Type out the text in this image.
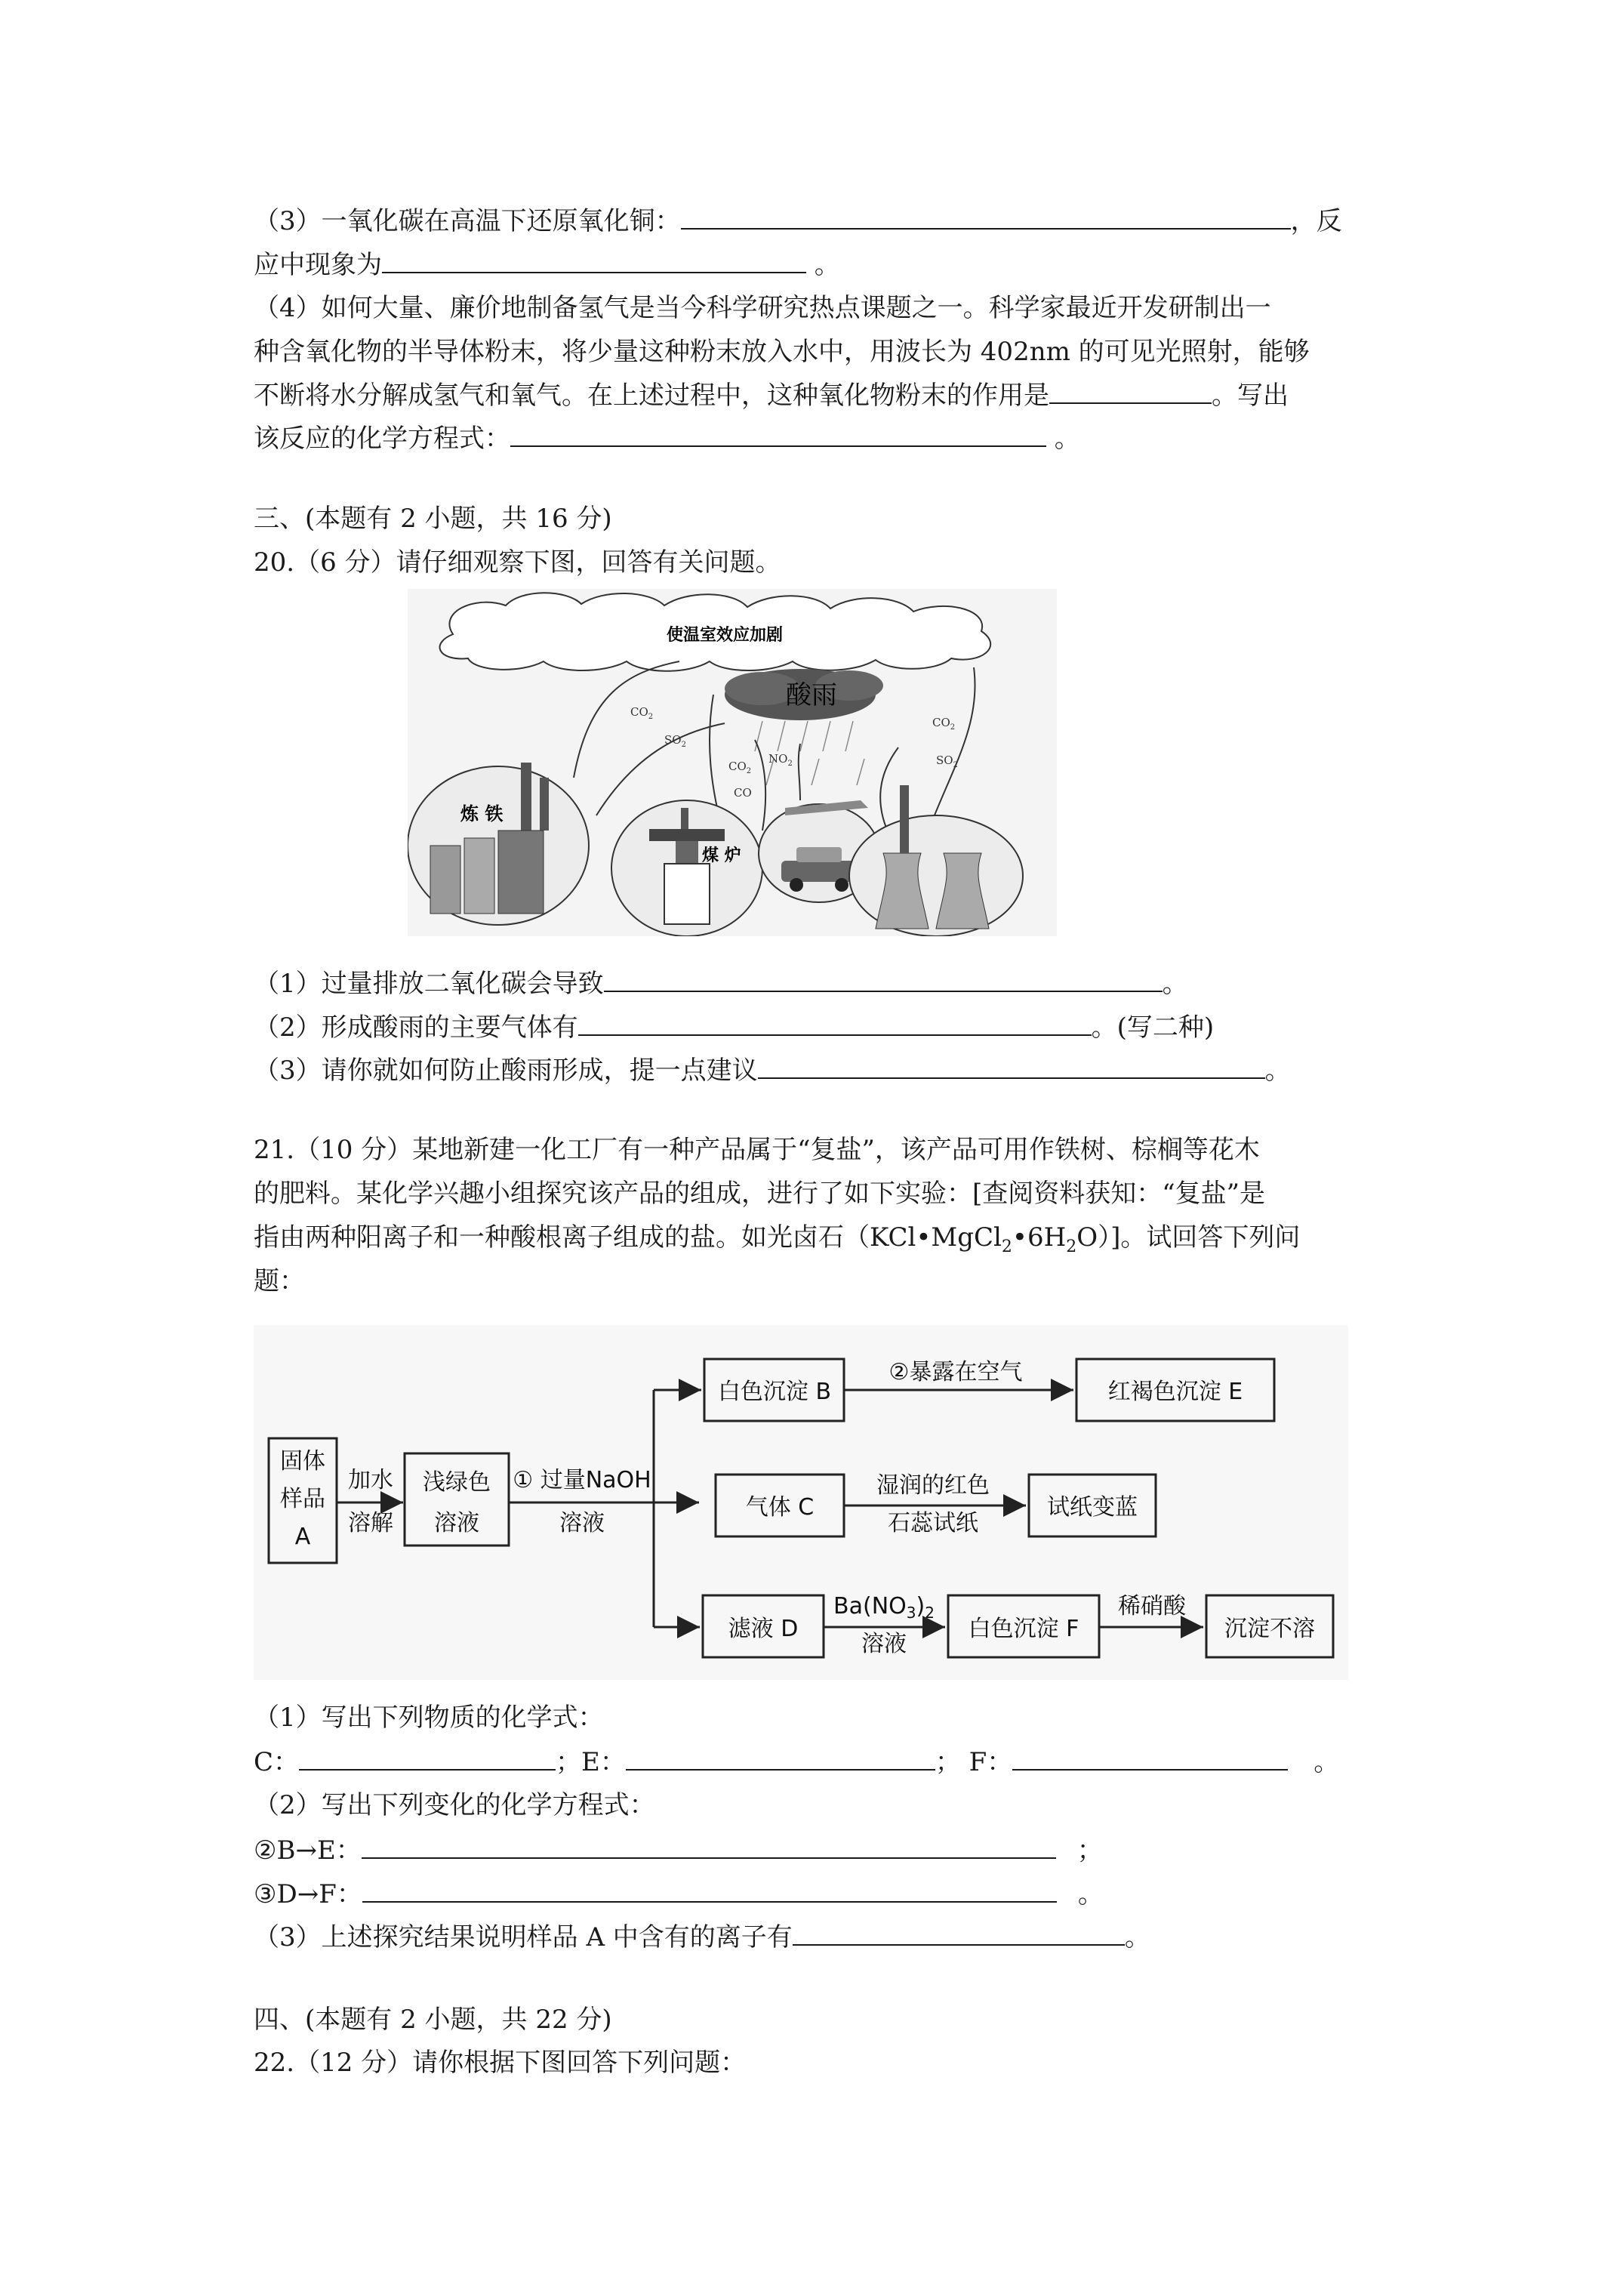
（3）一氧化碳在高温下还原氧化铜：	，反
应中现象为	。
（4）如何大量、廉价地制备氢气是当今科学研究热点课题之一。科学家最近开发研制出一
种含氧化物的半导体粉末，将少量这种粉末放入水中，用波长为 402nm 的可见光照射，能够
不断将水分解成氢气和氧气。在上述过程中，这种氧化物粉末的作用是	。写出
该反应的化学方程式：	。
三、(本题有 2 小题，共 16 分)
20.（6 分）请仔细观察下图，回答有关问题。
使温室效应加剧
酸雨
$CO_2$
$SO_2$
$NO_2$
$CO_2$
CO
$CO_2$
$SO_2$
炼 铁
煤 炉
（1）过量排放二氧化碳会导致	。
（2）形成酸雨的主要气体有	。(写二种)
（3）请你就如何防止酸雨形成，提一点建议	。
21.（10 分）某地新建一化工厂有一种产品属于“复盐”，该产品可用作铁树、棕榈等花木
的肥料。某化学兴趣小组探究该产品的组成，进行了如下实验：[查阅资料获知：“复盐”是
指由两种阳离子和一种酸根离子组成的盐。如光卤石$(KCl•MgCl_2•6H_2O)$]。试回答下列问
题：
固体
样品
A
加水
溶解
浅绿色
溶液
① 过量NaOH
溶液
白色沉淀 B
②暴露在空气
红褐色沉淀 E
气体 C
湿润的红色
石蕊试纸
试纸变蓝
滤液 D
$Ba(NO_3)_2$
溶液
白色沉淀 F
稀硝酸
沉淀不溶
（1）写出下列物质的化学式：
C：	；E：	； F：	。
（2）写出下列变化的化学方程式：
②B→E：	；
③D→F：	。
（3）上述探究结果说明样品 A 中含有的离子有	。
四、(本题有 2 小题，共 22 分)
22.（12 分）请你根据下图回答下列问题：
